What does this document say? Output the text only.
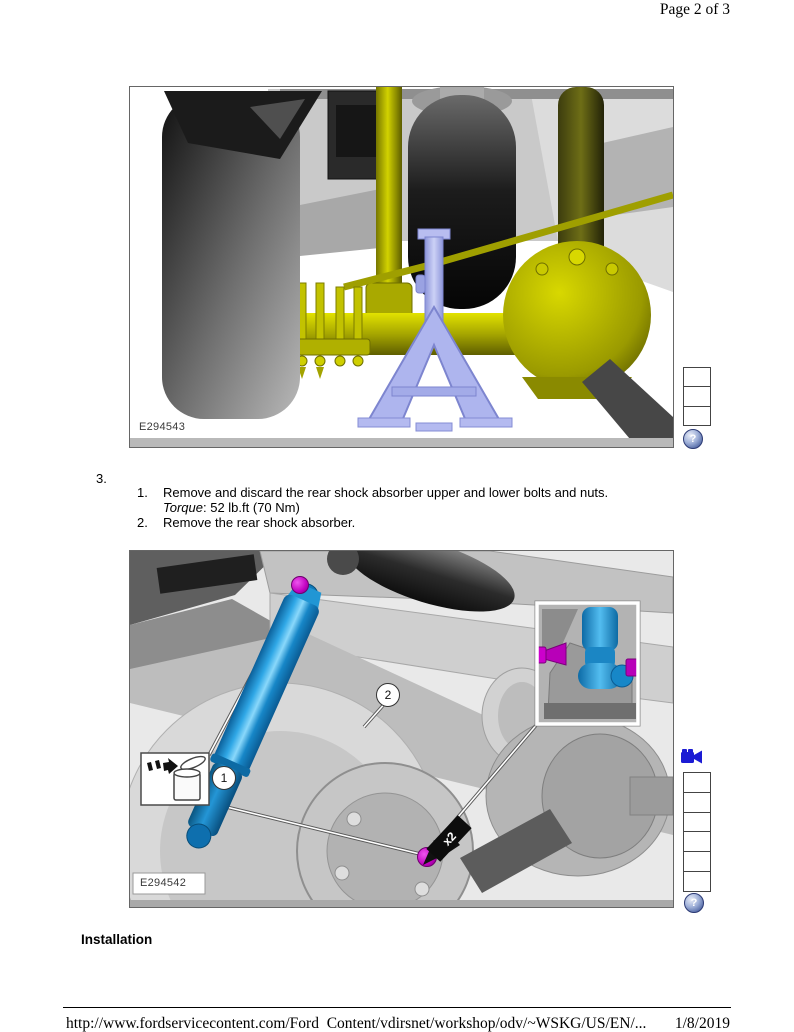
Page 2 of 3
E294543
?
3.
1. Remove and discard the rear shock absorber upper and lower bolts and nuts.
Torque: 52 lb.ft (70 Nm)
2. Remove the rear shock absorber.
1
2
x2
E294542
?
Installation
http://www.fordservicecontent.com/Ford  Content/vdirsnet/workshop/odv/~WSKG/US/EN/... 1/8/2019
